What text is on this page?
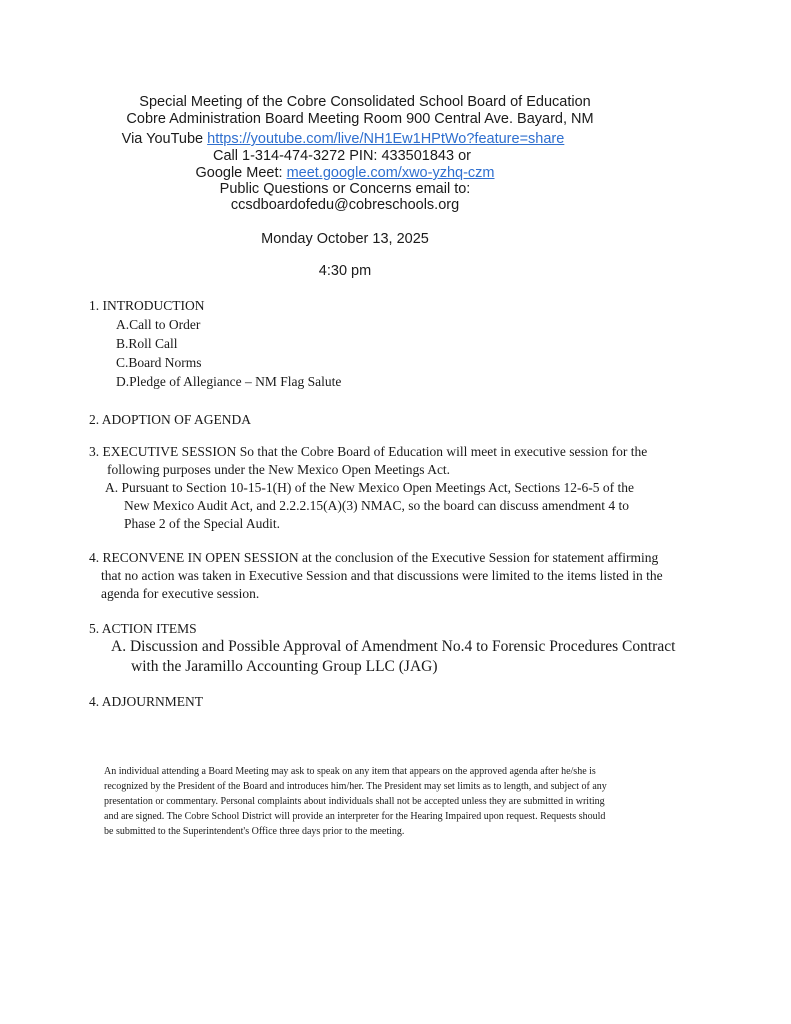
Special Meeting of the Cobre Consolidated School Board of Education
Cobre Administration Board Meeting Room 900 Central Ave. Bayard, NM
Via YouTube https://youtube.com/live/NH1Ew1HPtWo?feature=share
Call 1-314-474-3272 PIN: 433501843 or
Google Meet: meet.google.com/xwo-yzhq-czm
Public Questions or Concerns email to:
ccsdboardofedu@cobreschools.org
Monday October 13, 2025
4:30 pm
1. INTRODUCTION
A.Call to Order
B.Roll Call
C.Board Norms
D.Pledge of Allegiance – NM Flag Salute
2. ADOPTION OF AGENDA
3. EXECUTIVE SESSION So that the Cobre Board of Education will meet in executive session for the
following purposes under the New Mexico Open Meetings Act.
A. Pursuant to Section 10-15-1(H) of the New Mexico Open Meetings Act, Sections 12-6-5 of the
New Mexico Audit Act, and 2.2.2.15(A)(3) NMAC, so the board can discuss amendment 4 to
Phase 2 of the Special Audit.
4. RECONVENE IN OPEN SESSION at the conclusion of the Executive Session for statement affirming
that no action was taken in Executive Session and that discussions were limited to the items listed in the
agenda for executive session.
5. ACTION ITEMS
A. Discussion and Possible Approval of Amendment No.4 to Forensic Procedures Contract
with the Jaramillo Accounting Group LLC (JAG)
4. ADJOURNMENT
An individual attending a Board Meeting may ask to speak on any item that appears on the approved agenda after he/she is
recognized by the President of the Board and introduces him/her. The President may set limits as to length, and subject of any
presentation or commentary. Personal complaints about individuals shall not be accepted unless they are submitted in writing
and are signed. The Cobre School District will provide an interpreter for the Hearing Impaired upon request. Requests should
be submitted to the Superintendent's Office three days prior to the meeting.
